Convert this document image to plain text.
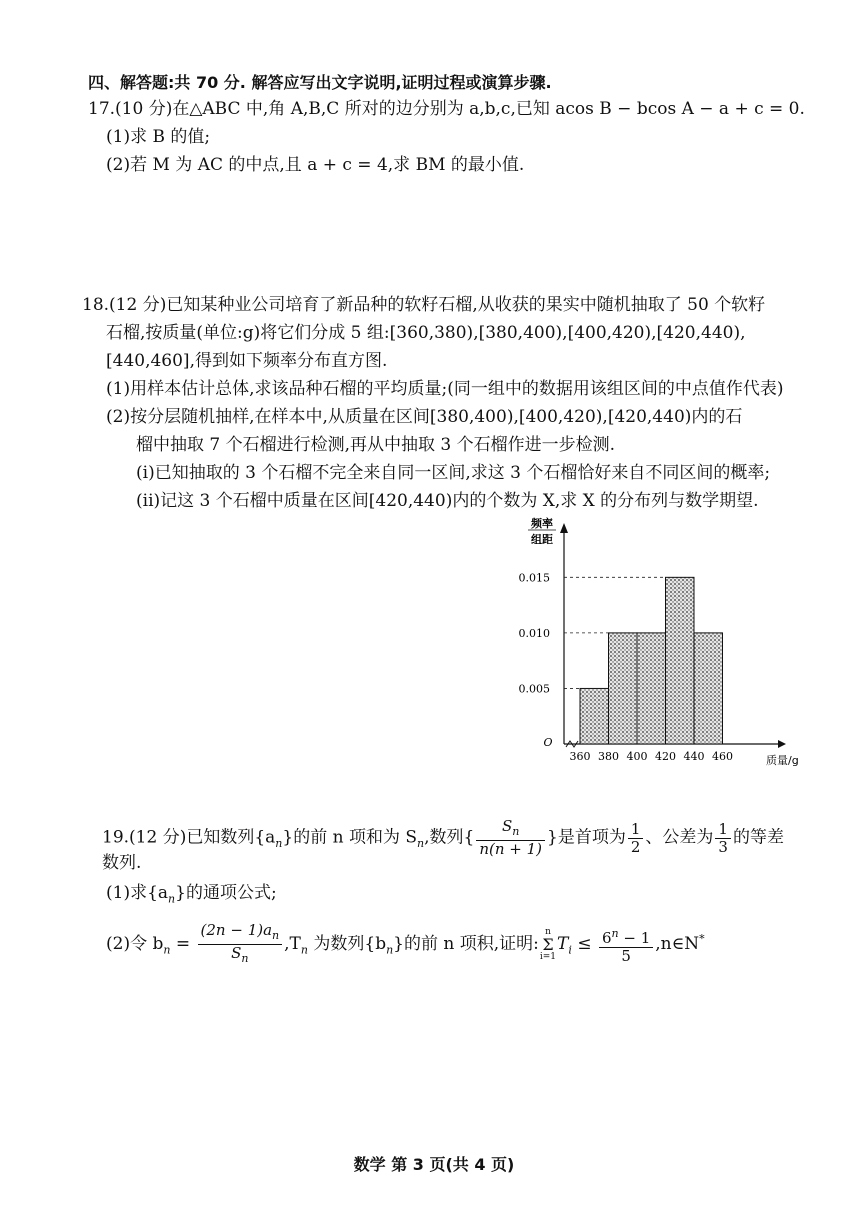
四、解答题:共 70 分. 解答应写出文字说明,证明过程或演算步骤.
17.(10 分)在△ABC 中,角 A,B,C 所对的边分别为 a,b,c,已知 acos B − bcos A − a + c = 0.
(1)求 B 的值;
(2)若 M 为 AC 的中点,且 a + c = 4,求 BM 的最小值.
18.(12 分)已知某种业公司培育了新品种的软籽石榴,从收获的果实中随机抽取了 50 个软籽
石榴,按质量(单位:g)将它们分成 5 组:[360,380),[380,400),[400,420),[420,440),
[440,460],得到如下频率分布直方图.
(1)用样本估计总体,求该品种石榴的平均质量;(同一组中的数据用该组区间的中点值作代表)
(2)按分层随机抽样,在样本中,从质量在区间[380,400),[400,420),[420,440)内的石
榴中抽取 7 个石榴进行检测,再从中抽取 3 个石榴作进一步检测.
(i)已知抽取的 3 个石榴不完全来自同一区间,求这 3 个石榴恰好来自不同区间的概率;
(ii)记这 3 个石榴中质量在区间[420,440)内的个数为 X,求 X 的分布列与数学期望.
0.005
0.010
0.015
360 380 400 420 440 460
O
频率
组距
质量/g
19.(12 分)已知数列$\{a_n\}$的前 n 项和为 $S_n$,数列{ $\frac{S_n}{n(n + 1)}$ }是首项为 $\frac{1}{2}$ 、公差为 $\frac{1}{3}$ 的等差
数列.
(1)求$\{a_n\}$的通项公式;
(2)令 $b_n = \frac{(2n - 1)a_n}{S_n} ,T_n$ 为数列$\{b_n\}$的前 n 项积,证明:n
Σ
$i=1T_i \le \frac{6^n - 1}{5}$ ,n∈N*
数学 第 3 页(共 4 页)
